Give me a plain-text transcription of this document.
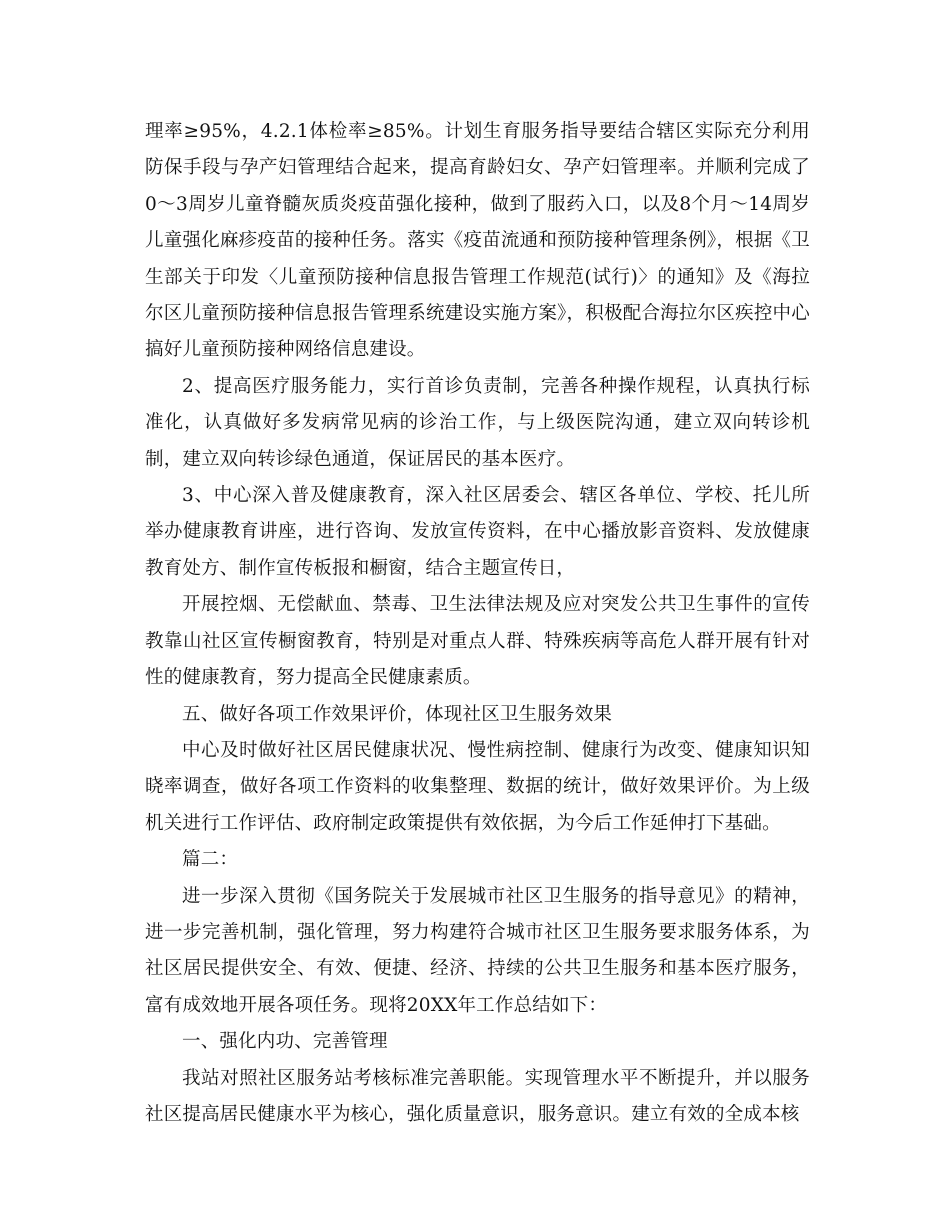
理率≥95%，4.2.1体检率≥85%。计划生育服务指导要结合辖区实际充分利用防保手段与孕产妇管理结合起来，提高育龄妇女、孕产妇管理率。并顺利完成了0～3周岁儿童脊髓灰质炎疫苗强化接种，做到了服药入口，以及8个月～14周岁儿童强化麻疹疫苗的接种任务。落实《疫苗流通和预防接种管理条例》，根据《卫生部关于印发〈儿童预防接种信息报告管理工作规范(试行)〉的通知》及《海拉尔区儿童预防接种信息报告管理系统建设实施方案》，积极配合海拉尔区疾控中心搞好儿童预防接种网络信息建设。

2、提高医疗服务能力，实行首诊负责制，完善各种操作规程，认真执行标准化，认真做好多发病常见病的诊治工作，与上级医院沟通，建立双向转诊机制，建立双向转诊绿色通道，保证居民的基本医疗。

3、中心深入普及健康教育，深入社区居委会、辖区各单位、学校、托儿所举办健康教育讲座，进行咨询、发放宣传资料，在中心播放影音资料、发放健康教育处方、制作宣传板报和橱窗，结合主题宣传日，

开展控烟、无偿献血、禁毒、卫生法律法规及应对突发公共卫生事件的宣传教靠山社区宣传橱窗教育，特别是对重点人群、特殊疾病等高危人群开展有针对性的健康教育，努力提高全民健康素质。

五、做好各项工作效果评价，体现社区卫生服务效果

中心及时做好社区居民健康状况、慢性病控制、健康行为改变、健康知识知晓率调查，做好各项工作资料的收集整理、数据的统计，做好效果评价。为上级机关进行工作评估、政府制定政策提供有效依据，为今后工作延伸打下基础。

篇二：

进一步深入贯彻《国务院关于发展城市社区卫生服务的指导意见》的精神，进一步完善机制，强化管理，努力构建符合城市社区卫生服务要求服务体系，为社区居民提供安全、有效、便捷、经济、持续的公共卫生服务和基本医疗服务，富有成效地开展各项任务。现将20XX年工作总结如下：

一、强化内功、完善管理

我站对照社区服务站考核标准完善职能。实现管理水平不断提升，并以服务社区提高居民健康水平为核心，强化质量意识，服务意识。建立有效的全成本核
